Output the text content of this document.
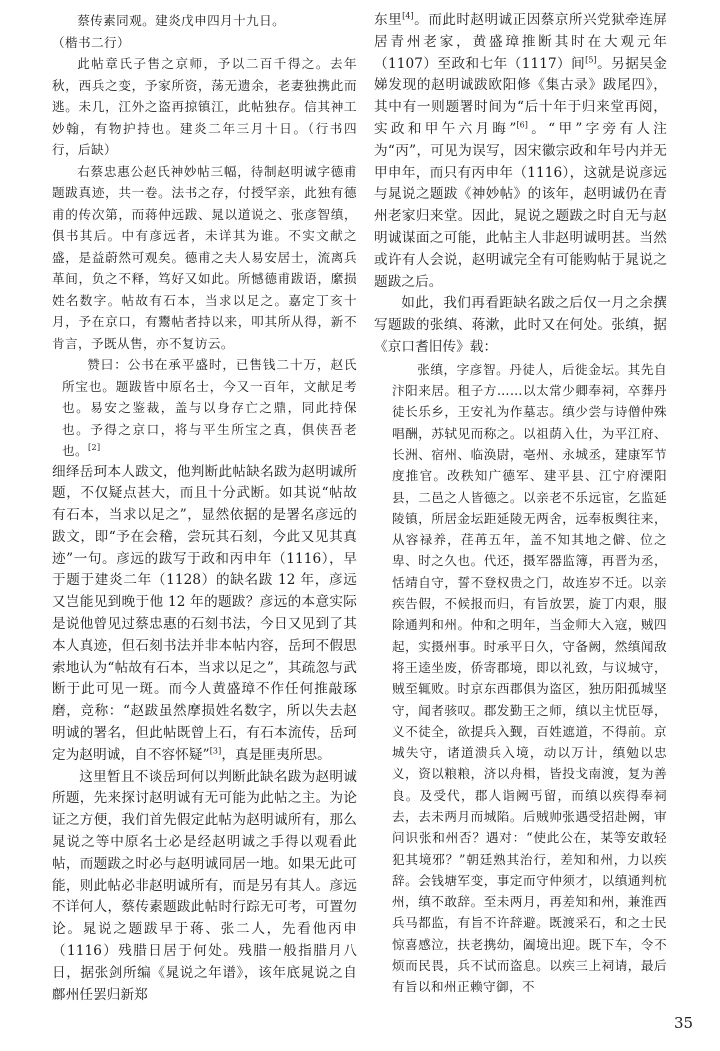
蔡传素同观。建炎戊申四月十九日。

（楷书二行）

此帖章氏子售之京师，予以二百千得之。去年秋，西兵之变，予家所资，荡无遗余，老妻独携此而逃。未几，江外之盗再掠镇江，此帖独存。信其神工妙翰，有物护持也。建炎二年三月十日。（行书四行，后缺）

右蔡忠惠公赵氏神妙帖三幅，待制赵明诚字德甫题跋真迹，共一卷。法书之存，付授罕亲，此独有德甫的传次第，而蒋仲远跋、晁以道说之、张彦智缜，俱书其后。中有彦远者，未详其为谁。不实文献之盛，是益蔚然可观矣。德甫之夫人易安居士，流离兵革间，负之不释，笃好又如此。所憾德甫跋语，縻损姓名数字。帖故有石本，当求以足之。嘉定丁亥十月，予在京口，有鬻帖者持以来，叩其所从得，新不肯言，予既从售，亦不复访云。

赞曰：公书在承平盛时，已售钱二十万，赵氏所宝也。题跋皆中原名士，今又一百年，文献足考也。易安之鉴裁，盖与以身存亡之鼎，同此持保也。予得之京口，将与平生所宝之真，俱侠吾老也。[2]

细绎岳珂本人跋文，他判断此帖缺名跋为赵明诚所题，不仅疑点甚大，而且十分武断。如其说“帖故有石本，当求以足之”，显然依据的是署名彦远的跋文，即“予在会稽，尝玩其石刻，今此又见其真迹”一句。彦远的跋写于政和丙申年（1116），早于题于建炎二年（1128）的缺名跋 12 年，彦远又岂能见到晚于他 12 年的题跋？彦远的本意实际是说他曾见过蔡忠惠的石刻书法，今日又见到了其本人真迹，但石刻书法并非本帖内容，岳珂不假思索地认为“帖故有石本，当求以足之”，其疏忽与武断于此可见一斑。而今人黄盛璋不作任何推敲琢磨，竞称：“赵跋虽然摩损姓名数字，所以失去赵明诚的署名，但此帖既曾上石，有石本流传，岳珂定为赵明诚，自不容怀疑”[3]，真是匪夷所思。

这里暂且不谈岳珂何以判断此缺名跋为赵明诚所题，先来探讨赵明诚有无可能为此帖之主。为论证之方便，我们首先假定此帖为赵明诚所有，那么晁说之等中原名士必是经赵明诚之手得以观看此帖，而题跋之时必与赵明诚同居一地。如果无此可能，则此帖必非赵明诚所有，而是另有其人。彦远不详何人，蔡传素题跋此帖时行踪无可考，可置勿论。晁说之题跋早于蒋、张二人，先看他丙申（1116）残腊日居于何处。残腊一般指腊月八日，据张剑所编《晁说之年谱》，该年底晁说之自鄜州任罢归新郑

东里[4]。而此时赵明诚正因蔡京所兴党狱牵连屏居青州老家，黄盛璋推断其时在大观元年（1107）至政和七年（1117）间[5]。另据吴金娣发现的赵明诚跋欧阳修《集古录》跋尾四》，其中有一则题署时间为“后十年于归来堂再阅，实政和甲午六月晦”[6]。“甲”字旁有人注为“丙”，可见为误写，因宋徽宗政和年号内并无甲申年，而只有丙申年（1116），这就是说彦远与晁说之题跋《神妙帖》的该年，赵明诚仍在青州老家归来堂。因此，晁说之题跋之时自无与赵明诚谋面之可能，此帖主人非赵明诚明甚。当然或许有人会说，赵明诚完全有可能购帖于晁说之题跋之后。

如此，我们再看距缺名跋之后仅一月之余撰写题跋的张缜、蒋漱，此时又在何处。张缜，据《京口耆旧传》载：

张缜，字彦智。丹徒人，后徙金坛。其先自汴阳来居。租子方……以太常少卿奉祠，卒葬丹徒长乐乡，王安礼为作墓志。缜少尝与诗僧仲殊唱酬，苏轼见而称之。以祖荫入仕，为平江府、长洲、宿州、临涣尉，亳州、永城丞，建康军节度推官。改秩知广德军、建平县、江宁府溧阳县，二邑之人皆德之。以亲老不乐远宦，乞监延陵镇，所居金坛距延陵无两舍，远奉板舆往来，从容禄养，荏苒五年，盖不知其地之僻、位之卑、时之久也。代还，摄军器监簿，再晋为丞，恬靖自守，誓不登权贵之门，故连岁不迁。以亲疾告假，不候报而归，有旨放罢，旋丁内艰，服除通判和州。仲和之明年，当金师大入寇，贼四起，实摄州事。时承平日久，守备阙，然缜闻敌将王逵坐废，侨寄郡境，即以礼致，与议城守，贼至辄败。时京东西郡俱为盗区，独历阳孤城坚守，闻者骇叹。郡发勤王之师，缜以主忧臣辱，义不徒全，欲提兵入觐，百姓遮道，不得前。京城失守，诸道溃兵入境，动以万计，缜勉以忠义，资以粮粮，济以舟楫，皆投戈南渡，复为善良。及受代，郡人诣阙丐留，而缜以疾得奉祠去，去未两月而城陷。后贼帅张遇受招赴阙，审问识张和州否？遇对：“使此公在，某等安敢轻犯其境邪？”朝廷熟其治行，差知和州，力以疾辞。会钱塘军变，事定而守仲须才，以缜通判杭州，缜不敢辞。至未两月，再差知和州，兼淮西兵马都监，有旨不许辞避。既渡采石，和之士民惊喜感泣，扶老携幼，阖境出迎。既下车，令不烦而民畏，兵不试而盗息。以疾三上祠请，最后有旨以和州正赖守御，不

35
